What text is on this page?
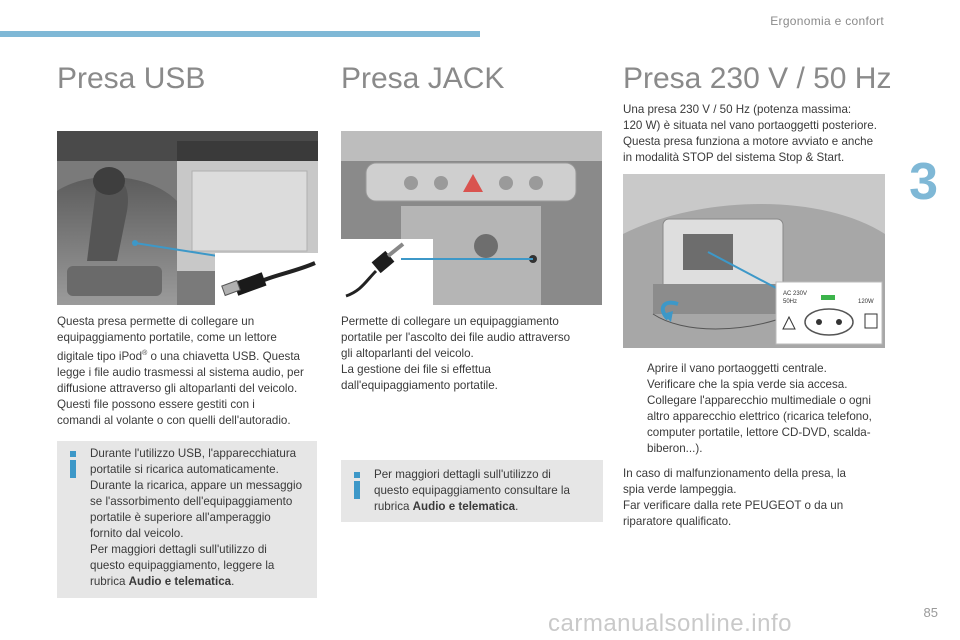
Ergonomia e confort
3
85
Presa USB

Questa presa permette di collegare un

equipaggiamento portatile, come un lettore

digitale tipo iPod® o una chiavetta USB. Questa

legge i file audio trasmessi al sistema audio, per

diffusione attraverso gli altoparlanti del veicolo.

Questi file possono essere gestiti con i

comandi al volante o con quelli dell'autoradio.

Durante l'utilizzo USB, l'apparecchiatura

portatile si ricarica automaticamente.

Durante la ricarica, appare un messaggio

se l'assorbimento dell'equipaggiamento

portatile è superiore all'amperaggio

fornito dal veicolo.

Per maggiori dettagli sull'utilizzo di

questo equipaggiamento, leggere la

rubrica Audio e telematica.

Presa JACK

Permette di collegare un equipaggiamento

portatile per l'ascolto dei file audio attraverso

gli altoparlanti del veicolo.

La gestione dei file si effettua

dall'equipaggiamento portatile.

Per maggiori dettagli sull'utilizzo di

questo equipaggiamento consultare la

rubrica Audio e telematica.

Presa 230 V / 50 Hz

Una presa 230 V / 50 Hz (potenza massima:

120 W) è situata nel vano portaoggetti posteriore.

Questa presa funziona a motore avviato e anche

in modalità STOP del sistema Stop & Start.

AC 230V
50Hz	120W
Aprire il vano portaoggetti centrale.
Verificare che la spia verde sia accesa.
Collegare l'apparecchio multimediale o ogni altro apparecchio elettrico (ricarica telefono, computer portatile, lettore CD-DVD, scalda-biberon...).

In caso di malfunzionamento della presa, la

spia verde lampeggia.

Far verificare dalla rete PEUGEOT o da un

riparatore qualificato.

carmanualsonline.info
